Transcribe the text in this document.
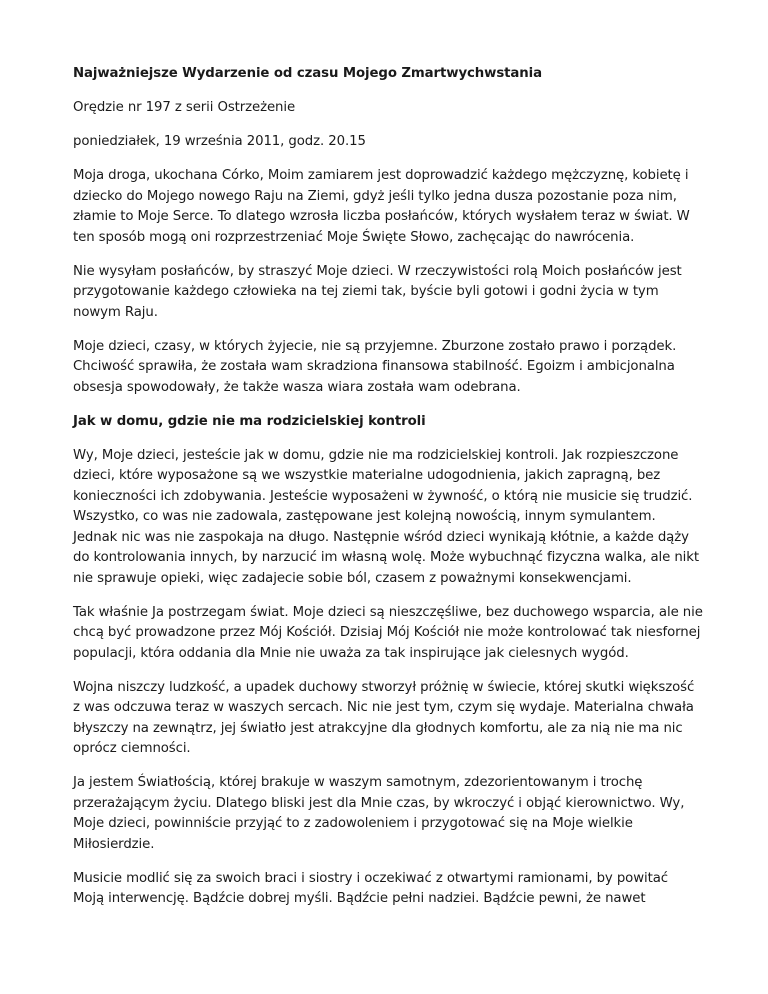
Najważniejsze Wydarzenie od czasu Mojego Zmartwychwstania

Orędzie nr 197 z serii Ostrzeżenie

poniedziałek, 19 września 2011, godz. 20.15

Moja droga, ukochana Córko, Moim zamiarem jest doprowadzić każdego mężczyznę, kobietę i dziecko do Mojego nowego Raju na Ziemi, gdyż jeśli tylko jedna dusza pozostanie poza nim, złamie to Moje Serce. To dlatego wzrosła liczba posłańców, których wysłałem teraz w świat. W ten sposób mogą oni rozprzestrzeniać Moje Święte Słowo, zachęcając do nawrócenia.

Nie wysyłam posłańców, by straszyć Moje dzieci. W rzeczywistości rolą Moich posłańców jest przygotowanie każdego człowieka na tej ziemi tak, byście byli gotowi i godni życia w tym nowym Raju.

Moje dzieci, czasy, w których żyjecie, nie są przyjemne. Zburzone zostało prawo i porządek. Chciwość sprawiła, że została wam skradziona finansowa stabilność. Egoizm i ambicjonalna obsesja spowodowały, że także wasza wiara została wam odebrana.

Jak w domu, gdzie nie ma rodzicielskiej kontroli

Wy, Moje dzieci, jesteście jak w domu, gdzie nie ma rodzicielskiej kontroli. Jak rozpieszczone dzieci, które wyposażone są we wszystkie materialne udogodnienia, jakich zapragną, bez konieczności ich zdobywania. Jesteście wyposażeni w żywność, o którą nie musicie się trudzić. Wszystko, co was nie zadowala, zastępowane jest kolejną nowością, innym symulantem. Jednak nic was nie zaspokaja na długo. Następnie wśród dzieci wynikają kłótnie, a każde dąży do kontrolowania innych, by narzucić im własną wolę. Może wybuchnąć fizyczna walka, ale nikt nie sprawuje opieki, więc zadajecie sobie ból, czasem z poważnymi konsekwencjami.

Tak właśnie Ja postrzegam świat. Moje dzieci są nieszczęśliwe, bez duchowego wsparcia, ale nie chcą być prowadzone przez Mój Kościół. Dzisiaj Mój Kościół nie może kontrolować tak niesfornej populacji, która oddania dla Mnie nie uważa za tak inspirujące jak cielesnych wygód.

Wojna niszczy ludzkość, a upadek duchowy stworzył próżnię w świecie, której skutki większość z was odczuwa teraz w waszych sercach. Nic nie jest tym, czym się wydaje. Materialna chwała błyszczy na zewnątrz, jej światło jest atrakcyjne dla głodnych komfortu, ale za nią nie ma nic oprócz ciemności.

Ja jestem Światłością, której brakuje w waszym samotnym, zdezorientowanym i trochę przerażającym życiu. Dlatego bliski jest dla Mnie czas, by wkroczyć i objąć kierownictwo. Wy, Moje dzieci, powinniście przyjąć to z zadowoleniem i przygotować się na Moje wielkie Miłosierdzie.

Musicie modlić się za swoich braci i siostry i oczekiwać z otwartymi ramionami, by powitać Moją interwencję. Bądźcie dobrej myśli. Bądźcie pełni nadziei. Bądźcie pewni, że nawet
